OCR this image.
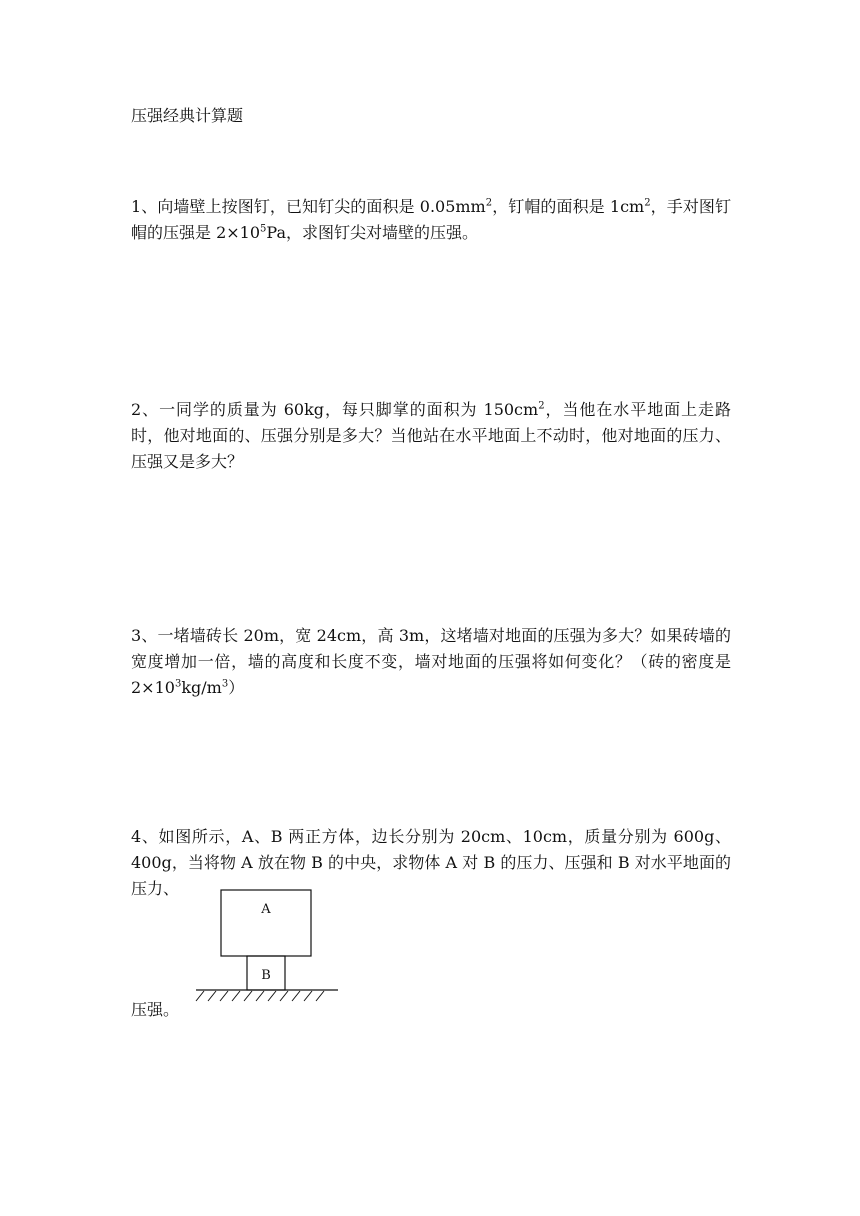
压强经典计算题

1、向墙壁上按图钉，已知钉尖的面积是 $0.05mm^2$，钉帽的面积是 $1cm^2$，手对图钉帽的压强是 $2\times 10^5Pa$，求图钉尖对墙壁的压强。

2、一同学的质量为 60kg，每只脚掌的面积为 $150cm^2$，当他在水平地面上走路时，他对地面的、压强分别是多大？当他站在水平地面上不动时，他对地面的压力、压强又是多大？

3、一堵墙砖长 20m，宽 24cm，高 3m，这堵墙对地面的压强为多大？如果砖墙的宽度增加一倍，墙的高度和长度不变，墙对地面的压强将如何变化？（砖的密度是 $2\times 10^3kg/m^3$）

4、如图所示，A、B 两正方体，边长分别为 20cm、10cm，质量分别为 600g、400g，当将物 A 放在物 B 的中央，求物体 A 对 B 的压力、压强和 B 对水平地面的压力、

A
B

压强。
